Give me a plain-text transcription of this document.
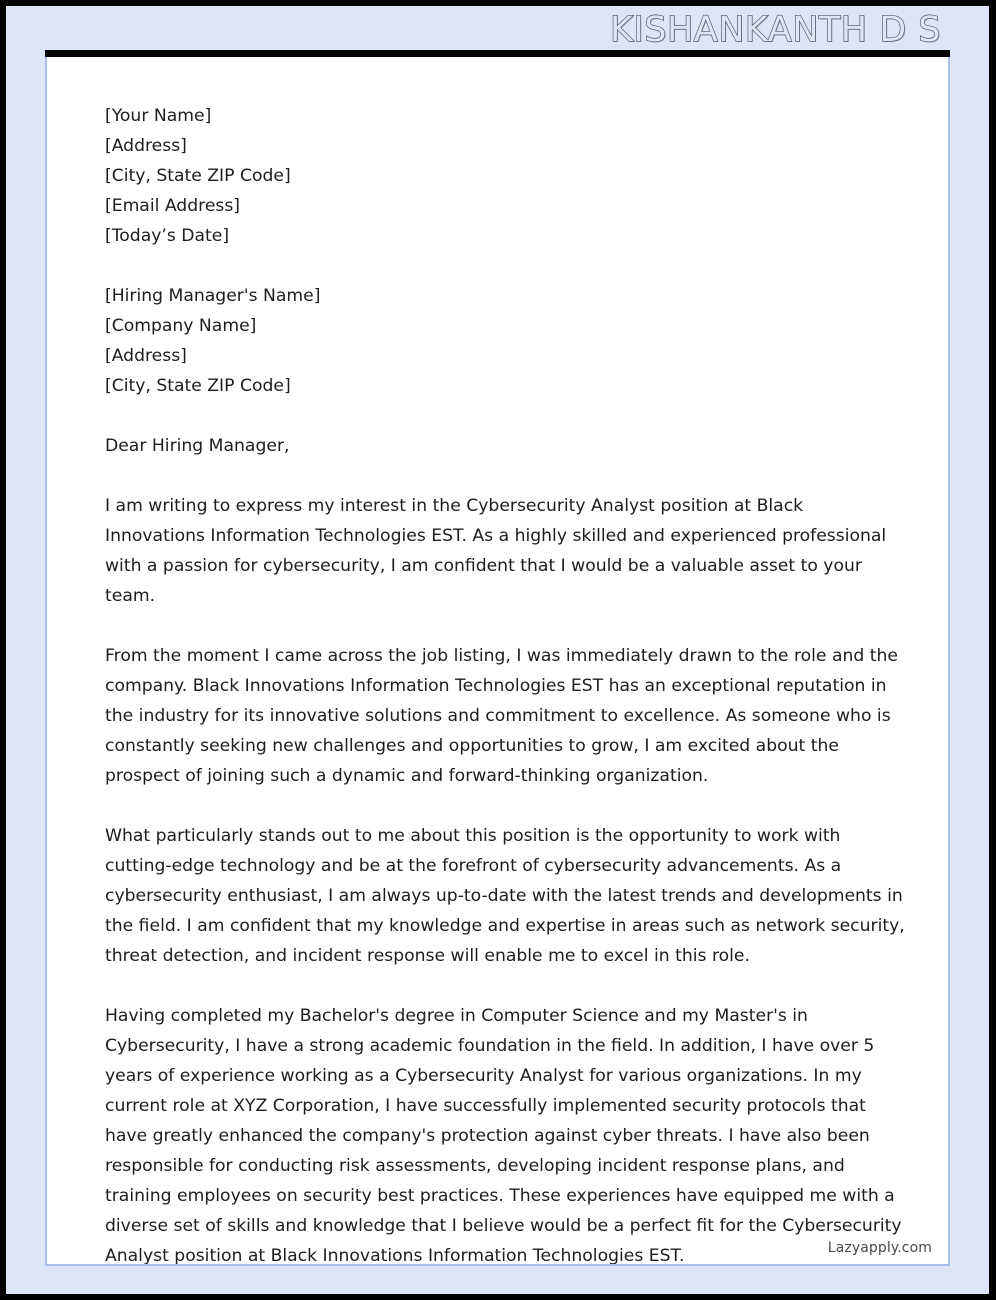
KISHANKANTH D S
[Your Name]
[Address]
[City, State ZIP Code]
[Email Address]
[Today’s Date]
[Hiring Manager's Name]
[Company Name]
[Address]
[City, State ZIP Code]
Dear Hiring Manager,

I am writing to express my interest in the Cybersecurity Analyst position at Black Innovations Information Technologies EST. As a highly skilled and experienced professional with a passion for cybersecurity, I am confident that I would be a valuable asset to your team.

From the moment I came across the job listing, I was immediately drawn to the role and the company. Black Innovations Information Technologies EST has an exceptional reputation in the industry for its innovative solutions and commitment to excellence. As someone who is constantly seeking new challenges and opportunities to grow, I am excited about the prospect of joining such a dynamic and forward-thinking organization.

What particularly stands out to me about this position is the opportunity to work with cutting-edge technology and be at the forefront of cybersecurity advancements. As a cybersecurity enthusiast, I am always up-to-date with the latest trends and developments in the field. I am confident that my knowledge and expertise in areas such as network security, threat detection, and incident response will enable me to excel in this role.

Having completed my Bachelor's degree in Computer Science and my Master's in Cybersecurity, I have a strong academic foundation in the field. In addition, I have over 5 years of experience working as a Cybersecurity Analyst for various organizations. In my current role at XYZ Corporation, I have successfully implemented security protocols that have greatly enhanced the company's protection against cyber threats. I have also been responsible for conducting risk assessments, developing incident response plans, and training employees on security best practices. These experiences have equipped me with a diverse set of skills and knowledge that I believe would be a perfect fit for the Cybersecurity Analyst position at Black Innovations Information Technologies EST.	Lazyapply.com
